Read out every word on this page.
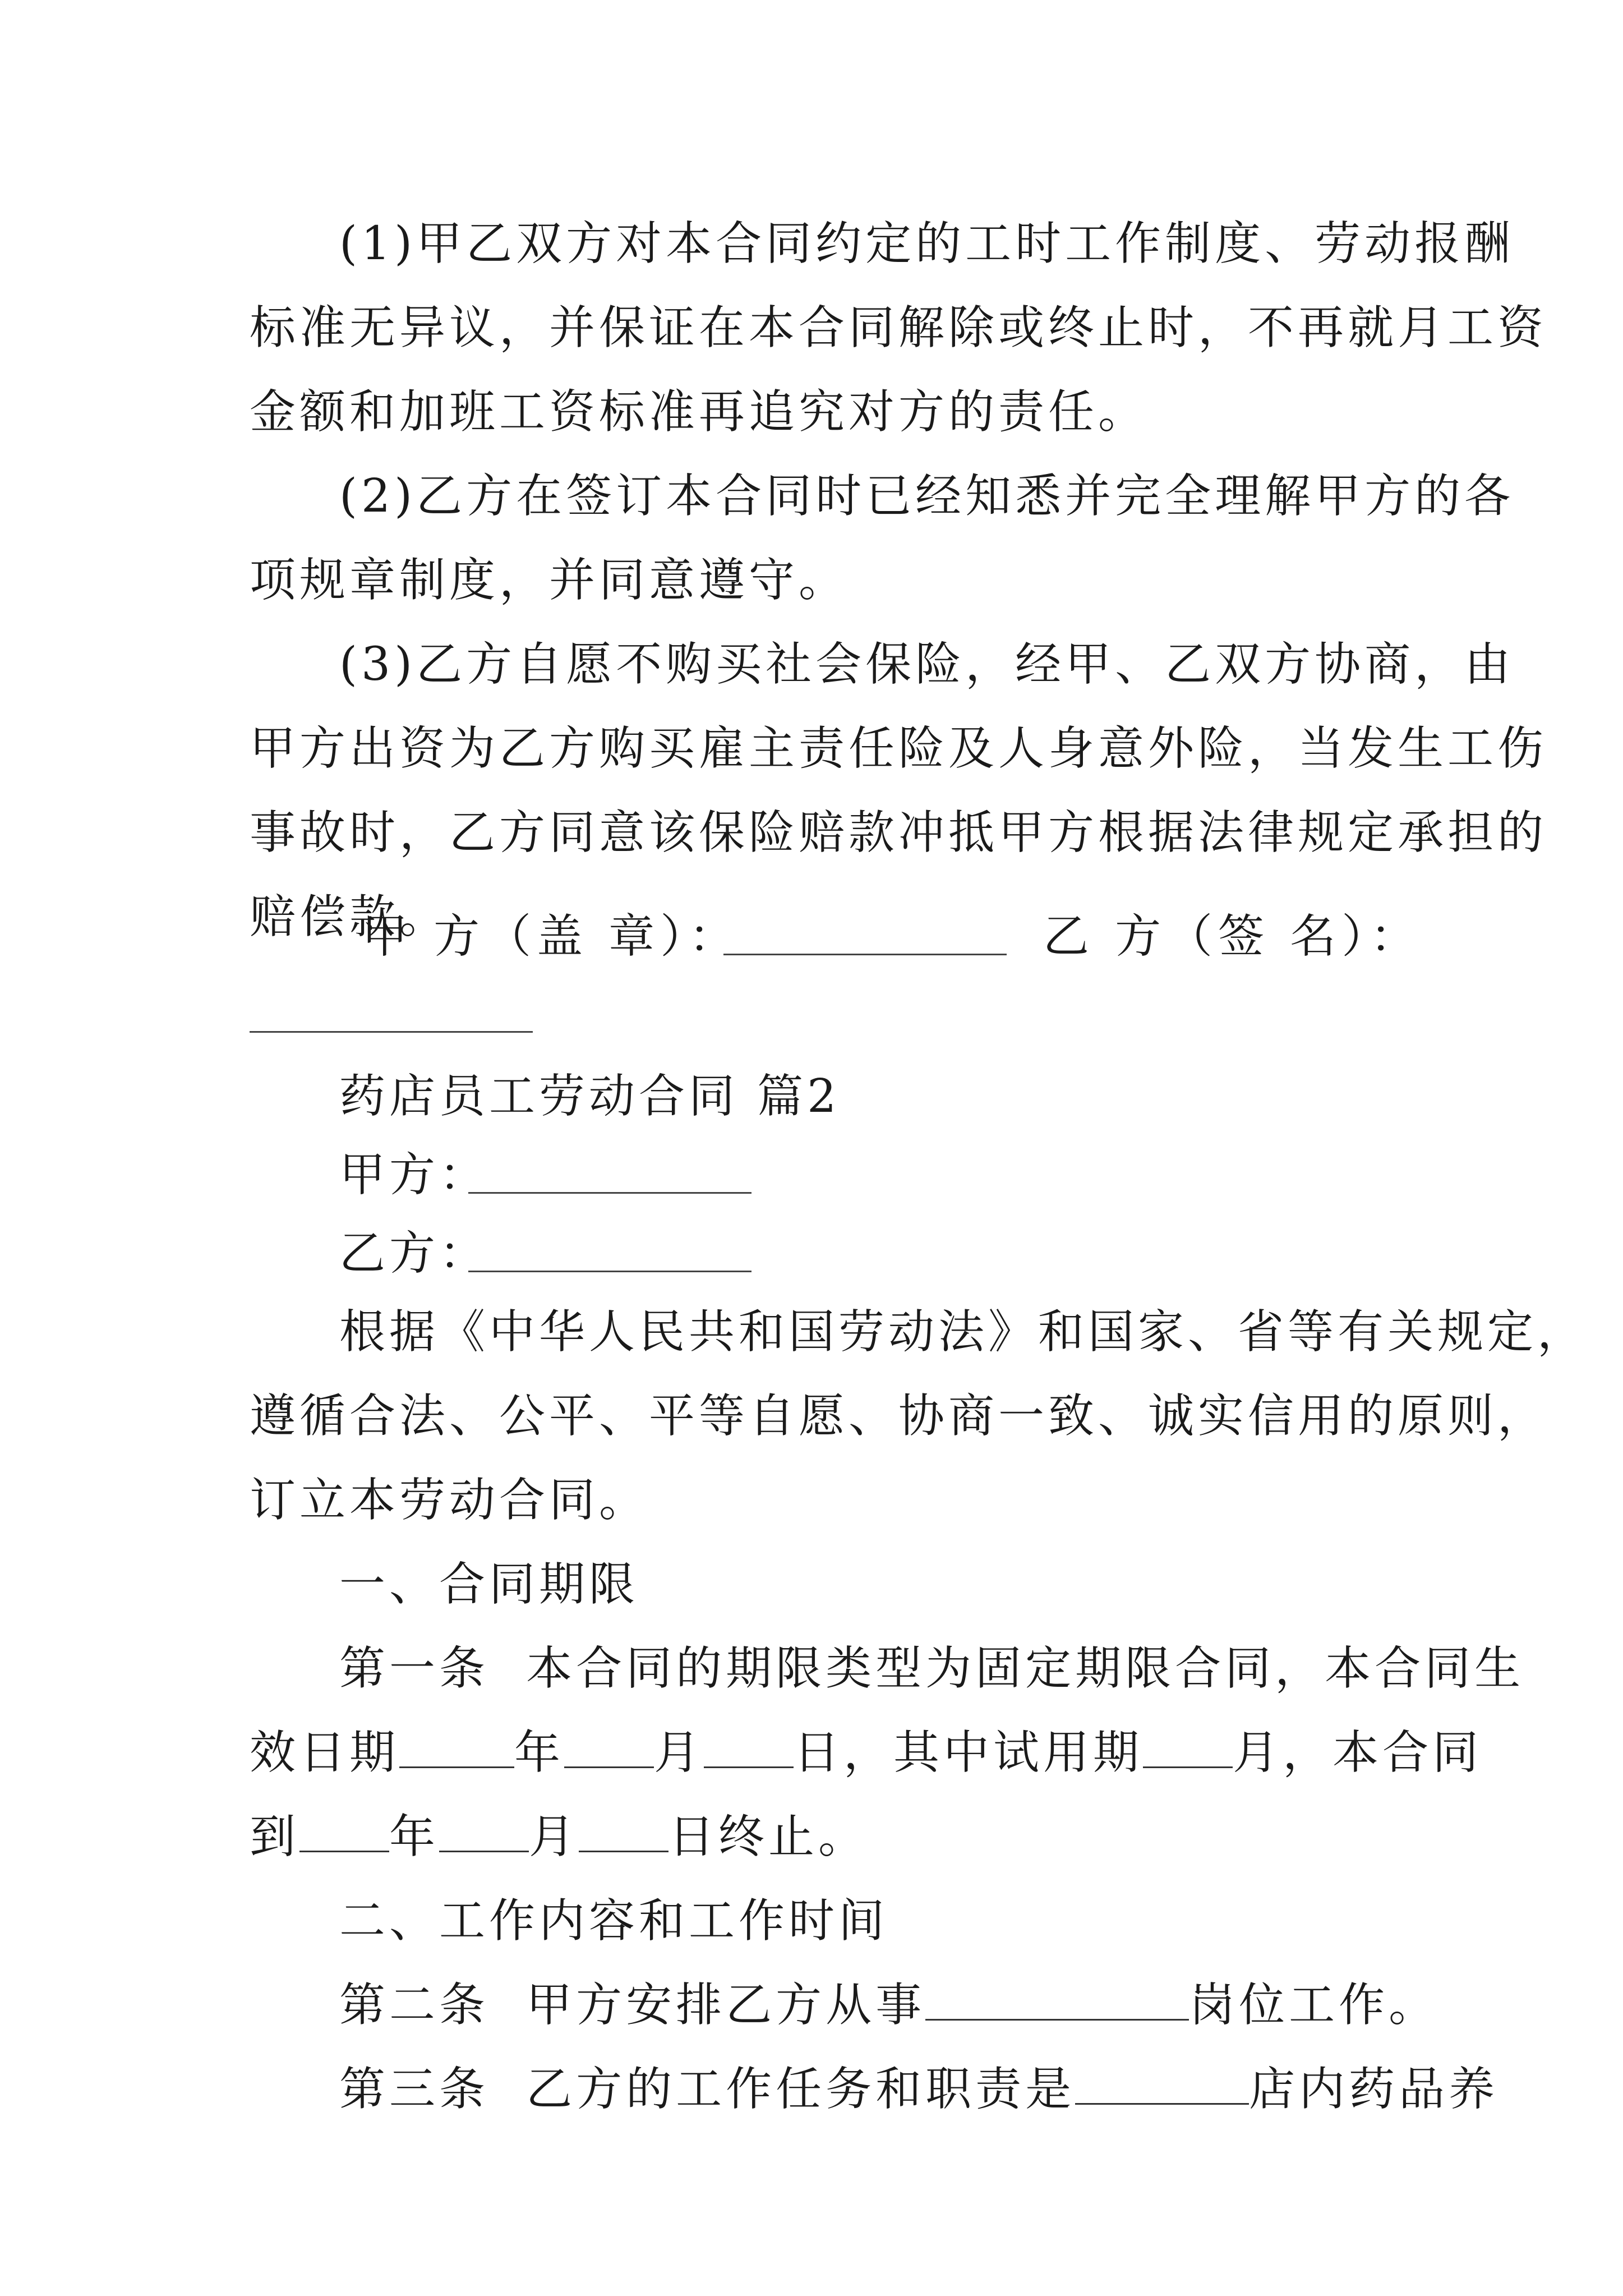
(1)甲乙双方对本合同约定的工时工作制度、劳动报酬
标准无异议，并保证在本合同解除或终止时，不再就月工资
金额和加班工资标准再追究对方的责任。
(2)乙方在签订本合同时已经知悉并完全理解甲方的各
项规章制度，并同意遵守。
(3)乙方自愿不购买社会保险，经甲、乙双方协商，由
甲方出资为乙方购买雇主责任险及人身意外险，当发生工伤
事故时，乙方同意该保险赔款冲抵甲方根据法律规定承担的
赔偿款。
甲 方（盖 章）：	乙 方（签 名）：
药店员工劳动合同 篇2
甲方：
乙方：
根据《中华人民共和国劳动法》和国家、省等有关规定，
遵循合法、公平、平等自愿、协商一致、诚实信用的原则，
订立本劳动合同。
一、合同期限
第一条  本合同的期限类型为固定期限合同，本合同生
效日期	年 月 日，其中试用期 月，本合同
到 年 月 日终止。
二、工作内容和工作时间
第二条  甲方安排乙方从事	岗位工作。
第三条  乙方的工作任务和职责是	店内药品养
